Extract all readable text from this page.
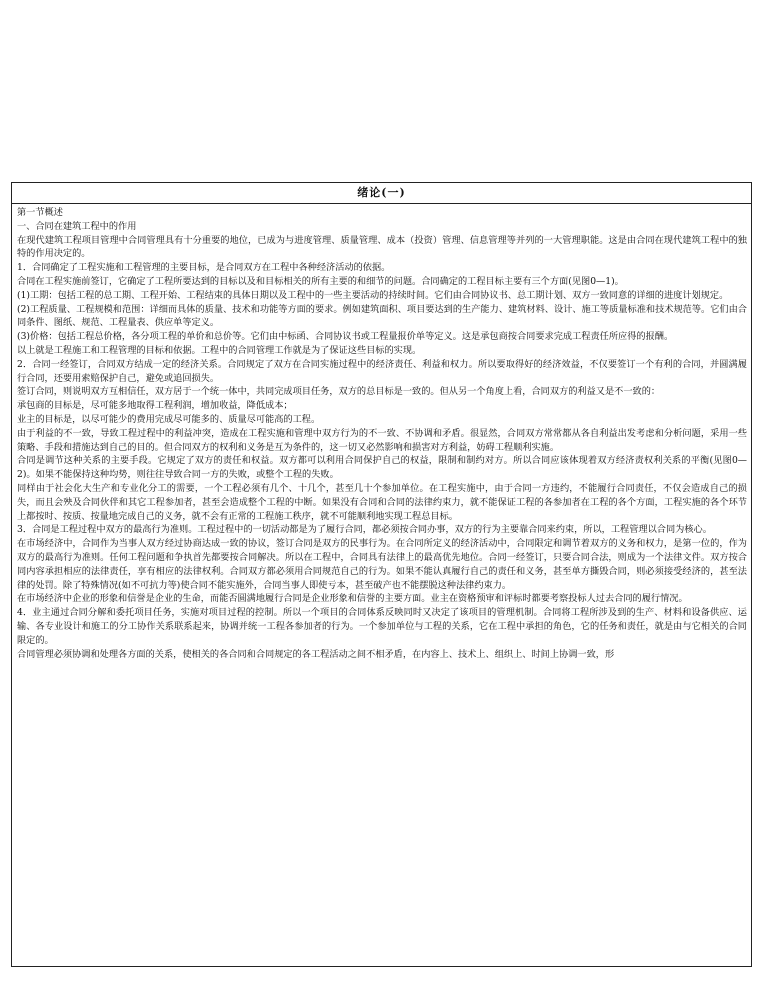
绪论(一)

第一节概述

一、合同在建筑工程中的作用

在现代建筑工程项目管理中合同管理具有十分重要的地位，已成为与进度管理、质量管理、成本（投资）管理、信息管理等并列的一大管理职能。这是由合同在现代建筑工程中的独特的作用决定的。

1．合同确定了工程实施和工程管理的主要目标，是合同双方在工程中各种经济活动的依据。

合同在工程实施前签订，它确定了工程所要达到的目标以及和目标相关的所有主要的和细节的问题。合同确定的工程目标主要有三个方面(见图0—1)。

(1)工期：包括工程的总工期、工程开始、工程结束的具体日期以及工程中的一些主要活动的持续时间。它们由合同协议书、总工期计划、双方一致同意的详细的进度计划规定。

(2)工程质量、工程规模和范围：详细而具体的质量、技术和功能等方面的要求。例如建筑面积、项目要达到的生产能力、建筑材料、设计、施工等质量标准和技术规范等。它们由合同条件、图纸、规范、工程量表、供应单等定义。

(3)价格：包括工程总价格，各分项工程的单价和总价等。它们由中标函、合同协议书或工程量报价单等定义。这是承包商按合同要求完成工程责任所应得的报酬。

以上就是工程施工和工程管理的目标和依据。工程中的合同管理工作就是为了保证这些目标的实现。

2．合同一经签订，合同双方结成一定的经济关系。合同规定了双方在合同实施过程中的经济责任、利益和权力。所以要取得好的经济效益，不仅要签订一个有利的合同，并圆满履行合同，还要用索赔保护自己，避免或追回损失。

签订合同，则说明双方互相信任，双方居于一个统一体中，共同完成项目任务，双方的总目标是一致的。但从另一个角度上看，合同双方的利益又是不一致的：

承包商的目标是，尽可能多地取得工程利润，增加收益，降低成本；

业主的目标是，以尽可能少的费用完成尽可能多的、质量尽可能高的工程。

由于利益的不一致，导致工程过程中的利益冲突，造成在工程实施和管理中双方行为的不一致、不协调和矛盾。很显然，合同双方常常都从各自利益出发考虑和分析问题，采用一些策略、手段和措施达到自己的目的。但合同双方的权利和义务是互为条件的，这一切又必然影响和损害对方利益，妨碍工程顺利实施。

合同是调节这种关系的主要手段。它规定了双方的责任和权益。双方都可以利用合同保护自己的权益，限制和制约对方。所以合同应该体现着双方经济责权利关系的平衡(见图0—2)。如果不能保持这种均势，则往往导致合同一方的失败，或整个工程的失败。

同样由于社会化大生产和专业化分工的需要，一个工程必须有几个、十几个，甚至几十个参加单位。在工程实施中，由于合同一方违约，不能履行合同责任，不仅会造成自己的损失，而且会殃及合同伙伴和其它工程参加者，甚至会造成整个工程的中断。如果没有合同和合同的法律约束力，就不能保证工程的各参加者在工程的各个方面，工程实施的各个环节上都按时、按质、按量地完成自己的义务，就不会有正常的工程施工秩序，就不可能顺利地实现工程总目标。

3．合同是工程过程中双方的最高行为准则。工程过程中的一切活动都是为了履行合同，都必须按合同办事，双方的行为主要靠合同来约束，所以，工程管理以合同为核心。

在市场经济中，合同作为当事人双方经过协商达成一致的协议，签订合同是双方的民事行为。在合同所定义的经济活动中，合同限定和调节着双方的义务和权力，是第一位的，作为双方的最高行为准则。任何工程问题和争执首先都要按合同解决。所以在工程中，合同具有法律上的最高优先地位。合同一经签订，只要合同合法，则成为一个法律文件。双方按合同内容承担相应的法律责任，享有相应的法律权利。合同双方都必须用合同规范自己的行为。如果不能认真履行自己的责任和义务，甚至单方撕毁合同，则必须接受经济的，甚至法律的处罚。除了特殊情况(如不可抗力等)使合同不能实施外，合同当事人即使亏本，甚至破产也不能摆脱这种法律约束力。

在市场经济中企业的形象和信誉是企业的生命，而能否圆满地履行合同是企业形象和信誉的主要方面。业主在资格预审和评标时都要考察投标人过去合同的履行情况。

4．业主通过合同分解和委托项目任务，实施对项目过程的控制。所以一个项目的合同体系反映同时又决定了该项目的管理机制。合同将工程所涉及到的生产、材料和设备供应、运输、各专业设计和施工的分工协作关系联系起来，协调并统一工程各参加者的行为。一个参加单位与工程的关系，它在工程中承担的角色，它的任务和责任，就是由与它相关的合同限定的。

合同管理必须协调和处理各方面的关系，使相关的各合同和合同规定的各工程活动之间不相矛盾，在内容上、技术上、组织上、时间上协调一致，形
